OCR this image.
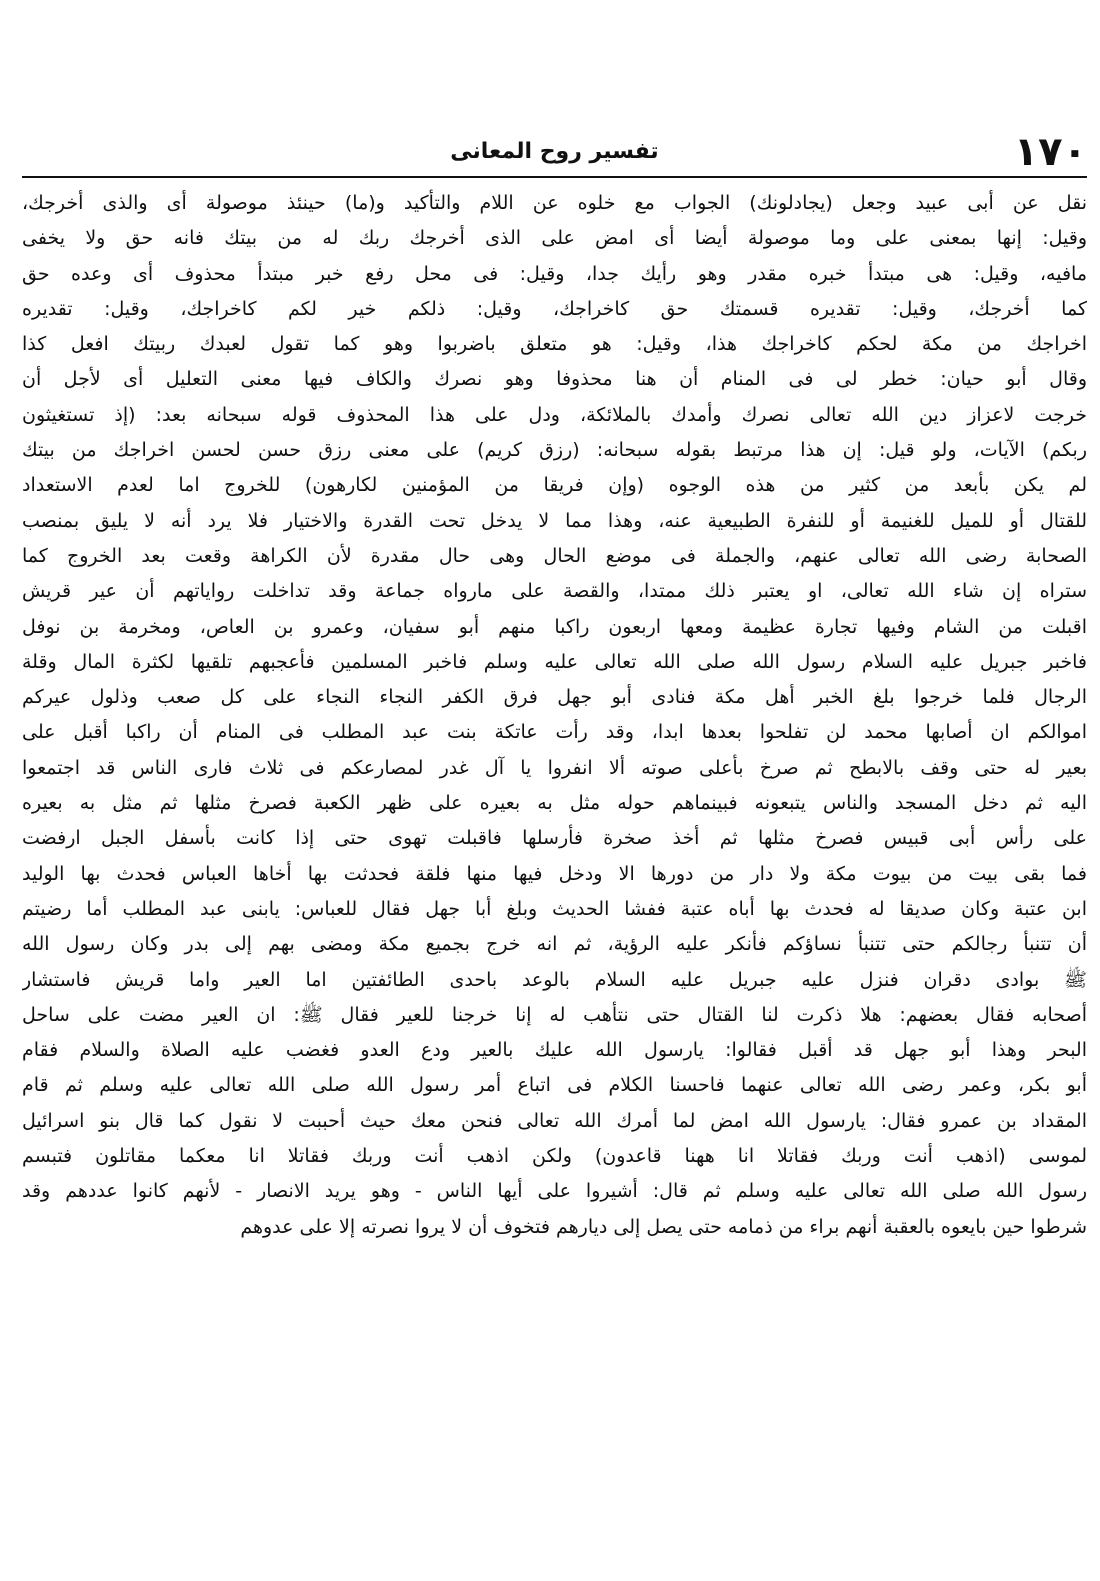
١٧٠
تفسير روح المعانى
نقل عن أبى عبيد وجعل (يجادلونك) الجواب مع خلوه عن اللام والتأكيد و(ما) حينئذ موصولة أى والذى أخرجك،
وقيل: إنها بمعنى على وما موصولة أيضا أى امض على الذى أخرجك ربك له من بيتك فانه حق ولا يخفى
مافيه، وقيل: هى مبتدأ خبره مقدر وهو رأيك جدا، وقيل: فى محل رفع خبر مبتدأ محذوف أى وعده حق
كما أخرجك، وقيل: تقديره قسمتك حق كاخراجك، وقيل: ذلكم خير لكم كاخراجك، وقيل: تقديره
اخراجك من مكة لحكم كاخراجك هذا، وقيل: هو متعلق باضربوا وهو كما تقول لعبدك ربيتك افعل كذا
وقال أبو حيان: خطر لى فى المنام أن هنا محذوفا وهو نصرك والكاف فيها معنى التعليل أى لأجل أن
خرجت لاعزاز دين الله تعالى نصرك وأمدك بالملائكة، ودل على هذا المحذوف قوله سبحانه بعد: (إذ تستغيثون
ربكم) الآيات، ولو قيل: إن هذا مرتبط بقوله سبحانه: (رزق كريم) على معنى رزق حسن لحسن اخراجك من بيتك
لم يكن بأبعد من كثير من هذه الوجوه (وإن فريقا من المؤمنين لكارهون) للخروج اما لعدم الاستعداد
للقتال أو للميل للغنيمة أو للنفرة الطبيعية عنه، وهذا مما لا يدخل تحت القدرة والاختيار فلا يرد أنه لا يليق بمنصب
الصحابة رضى الله تعالى عنهم، والجملة فى موضع الحال وهى حال مقدرة لأن الكراهة وقعت بعد الخروج كما
ستراه إن شاء الله تعالى، او يعتبر ذلك ممتدا، والقصة على مارواه جماعة وقد تداخلت رواياتهم أن عير قريش
اقبلت من الشام وفيها تجارة عظيمة ومعها اربعون راكبا منهم أبو سفيان، وعمرو بن العاص، ومخرمة بن نوفل
فاخبر جبريل عليه السلام رسول الله صلى الله تعالى عليه وسلم فاخبر المسلمين فأعجبهم تلقيها لكثرة المال وقلة
الرجال فلما خرجوا بلغ الخبر أهل مكة فنادى أبو جهل فرق الكفر النجاء النجاء على كل صعب وذلول عيركم
اموالكم ان أصابها محمد لن تفلحوا بعدها ابدا، وقد رأت عاتكة بنت عبد المطلب فى المنام أن راكبا أقبل على
بعير له حتى وقف بالابطح ثم صرخ بأعلى صوته ألا انفروا يا آل غدر لمصارعكم فى ثلاث فارى الناس قد اجتمعوا
اليه ثم دخل المسجد والناس يتبعونه فبينماهم حوله مثل به بعيره على ظهر الكعبة فصرخ مثلها ثم مثل به بعيره
على رأس أبى قبيس فصرخ مثلها ثم أخذ صخرة فأرسلها فاقبلت تهوى حتى إذا كانت بأسفل الجبل ارفضت
فما بقى بيت من بيوت مكة ولا دار من دورها الا ودخل فيها منها فلقة فحدثت بها أخاها العباس فحدث بها الوليد
ابن عتبة وكان صديقا له فحدث بها أباه عتبة ففشا الحديث وبلغ أبا جهل فقال للعباس: يابنى عبد المطلب أما رضيتم
أن تتنبأ رجالكم حتى تتنبأ نساؤكم فأنكر عليه الرؤية، ثم انه خرج بجميع مكة ومضى بهم إلى بدر وكان رسول الله
ﷺ بوادى دقران فنزل عليه جبريل عليه السلام بالوعد باحدى الطائفتين اما العير واما قريش فاستشار
أصحابه فقال بعضهم: هلا ذكرت لنا القتال حتى نتأهب له إنا خرجنا للعير فقال ﷺ: ان العير مضت على ساحل
البحر وهذا أبو جهل قد أقبل فقالوا: يارسول الله عليك بالعير ودع العدو فغضب عليه الصلاة والسلام فقام
أبو بكر، وعمر رضى الله تعالى عنهما فاحسنا الكلام فى اتباع أمر رسول الله صلى الله تعالى عليه وسلم ثم قام
المقداد بن عمرو فقال: يارسول الله امض لما أمرك الله تعالى فنحن معك حيث أحببت لا نقول كما قال بنو اسرائيل
لموسى (اذهب أنت وربك فقاتلا انا ههنا قاعدون) ولكن اذهب أنت وربك فقاتلا انا معكما مقاتلون فتبسم
رسول الله صلى الله تعالى عليه وسلم ثم قال: أشيروا على أيها الناس - وهو يريد الانصار - لأنهم كانوا عددهم وقد
شرطوا حين بايعوه بالعقبة أنهم براء من ذمامه حتى يصل إلى ديارهم فتخوف أن لا يروا نصرته إلا على عدوهم
